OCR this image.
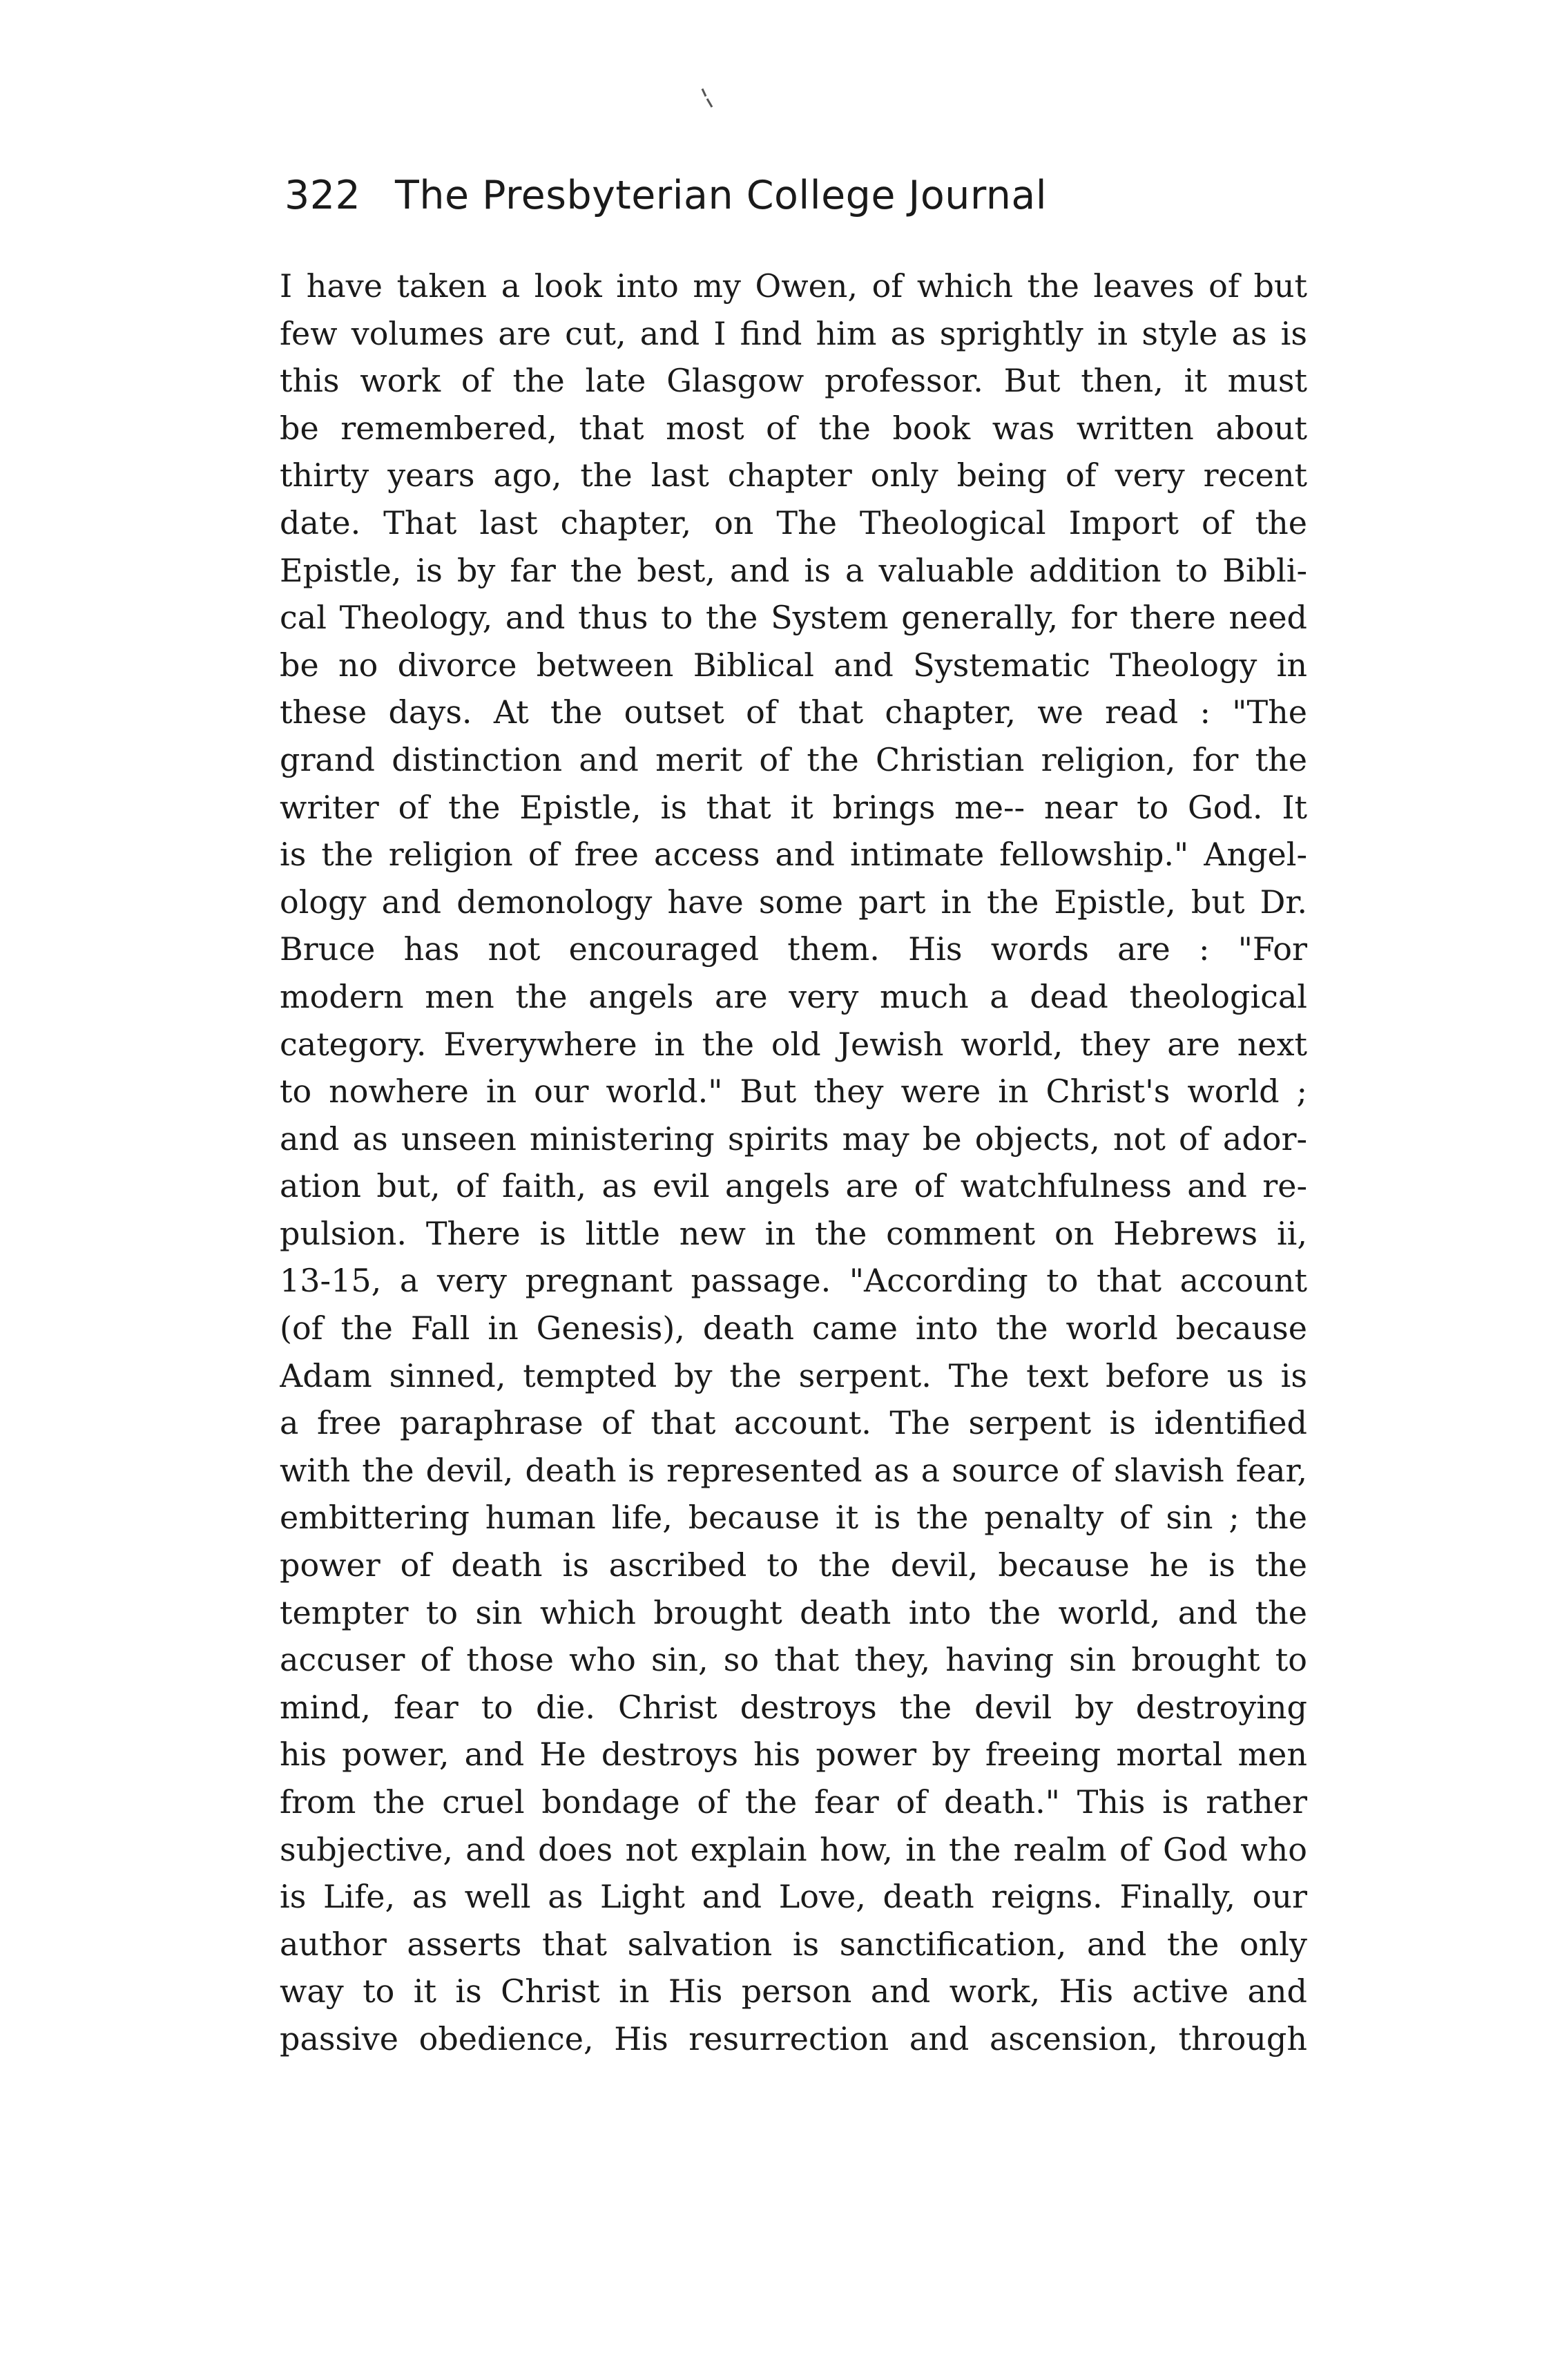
322 The Presbyterian College Journal
I have taken a look into my Owen, of which the leaves of but
few volumes are cut, and I find him as sprightly in style as is
this work of the late Glasgow professor. But then, it must
be remembered, that most of the book was written about
thirty years ago, the last chapter only being of very recent
date. That last chapter, on The Theological Import of the
Epistle, is by far the best, and is a valuable addition to Bibli-
cal Theology, and thus to the System generally, for there need
be no divorce between Biblical and Systematic Theology in
these days. At the outset of that chapter, we read : "The
grand distinction and merit of the Christian religion, for the
writer of the Epistle, is that it brings me-- near to God. It
is the religion of free access and intimate fellowship." Angel-
ology and demonology have some part in the Epistle, but Dr.
Bruce has not encouraged them. His words are : "For
modern men the angels are very much a dead theological
category. Everywhere in the old Jewish world, they are next
to nowhere in our world." But they were in Christ's world ;
and as unseen ministering spirits may be objects, not of ador-
ation but, of faith, as evil angels are of watchfulness and re-
pulsion. There is little new in the comment on Hebrews ii,
13-15, a very pregnant passage. "According to that account
(of the Fall in Genesis), death came into the world because
Adam sinned, tempted by the serpent. The text before us is
a free paraphrase of that account. The serpent is identified
with the devil, death is represented as a source of slavish fear,
embittering human life, because it is the penalty of sin ; the
power of death is ascribed to the devil, because he is the
tempter to sin which brought death into the world, and the
accuser of those who sin, so that they, having sin brought to
mind, fear to die. Christ destroys the devil by destroying
his power, and He destroys his power by freeing mortal men
from the cruel bondage of the fear of death." This is rather
subjective, and does not explain how, in the realm of God who
is Life, as well as Light and Love, death reigns. Finally, our
author asserts that salvation is sanctification, and the only
way to it is Christ in His person and work, His active and
passive obedience, His resurrection and ascension, through
